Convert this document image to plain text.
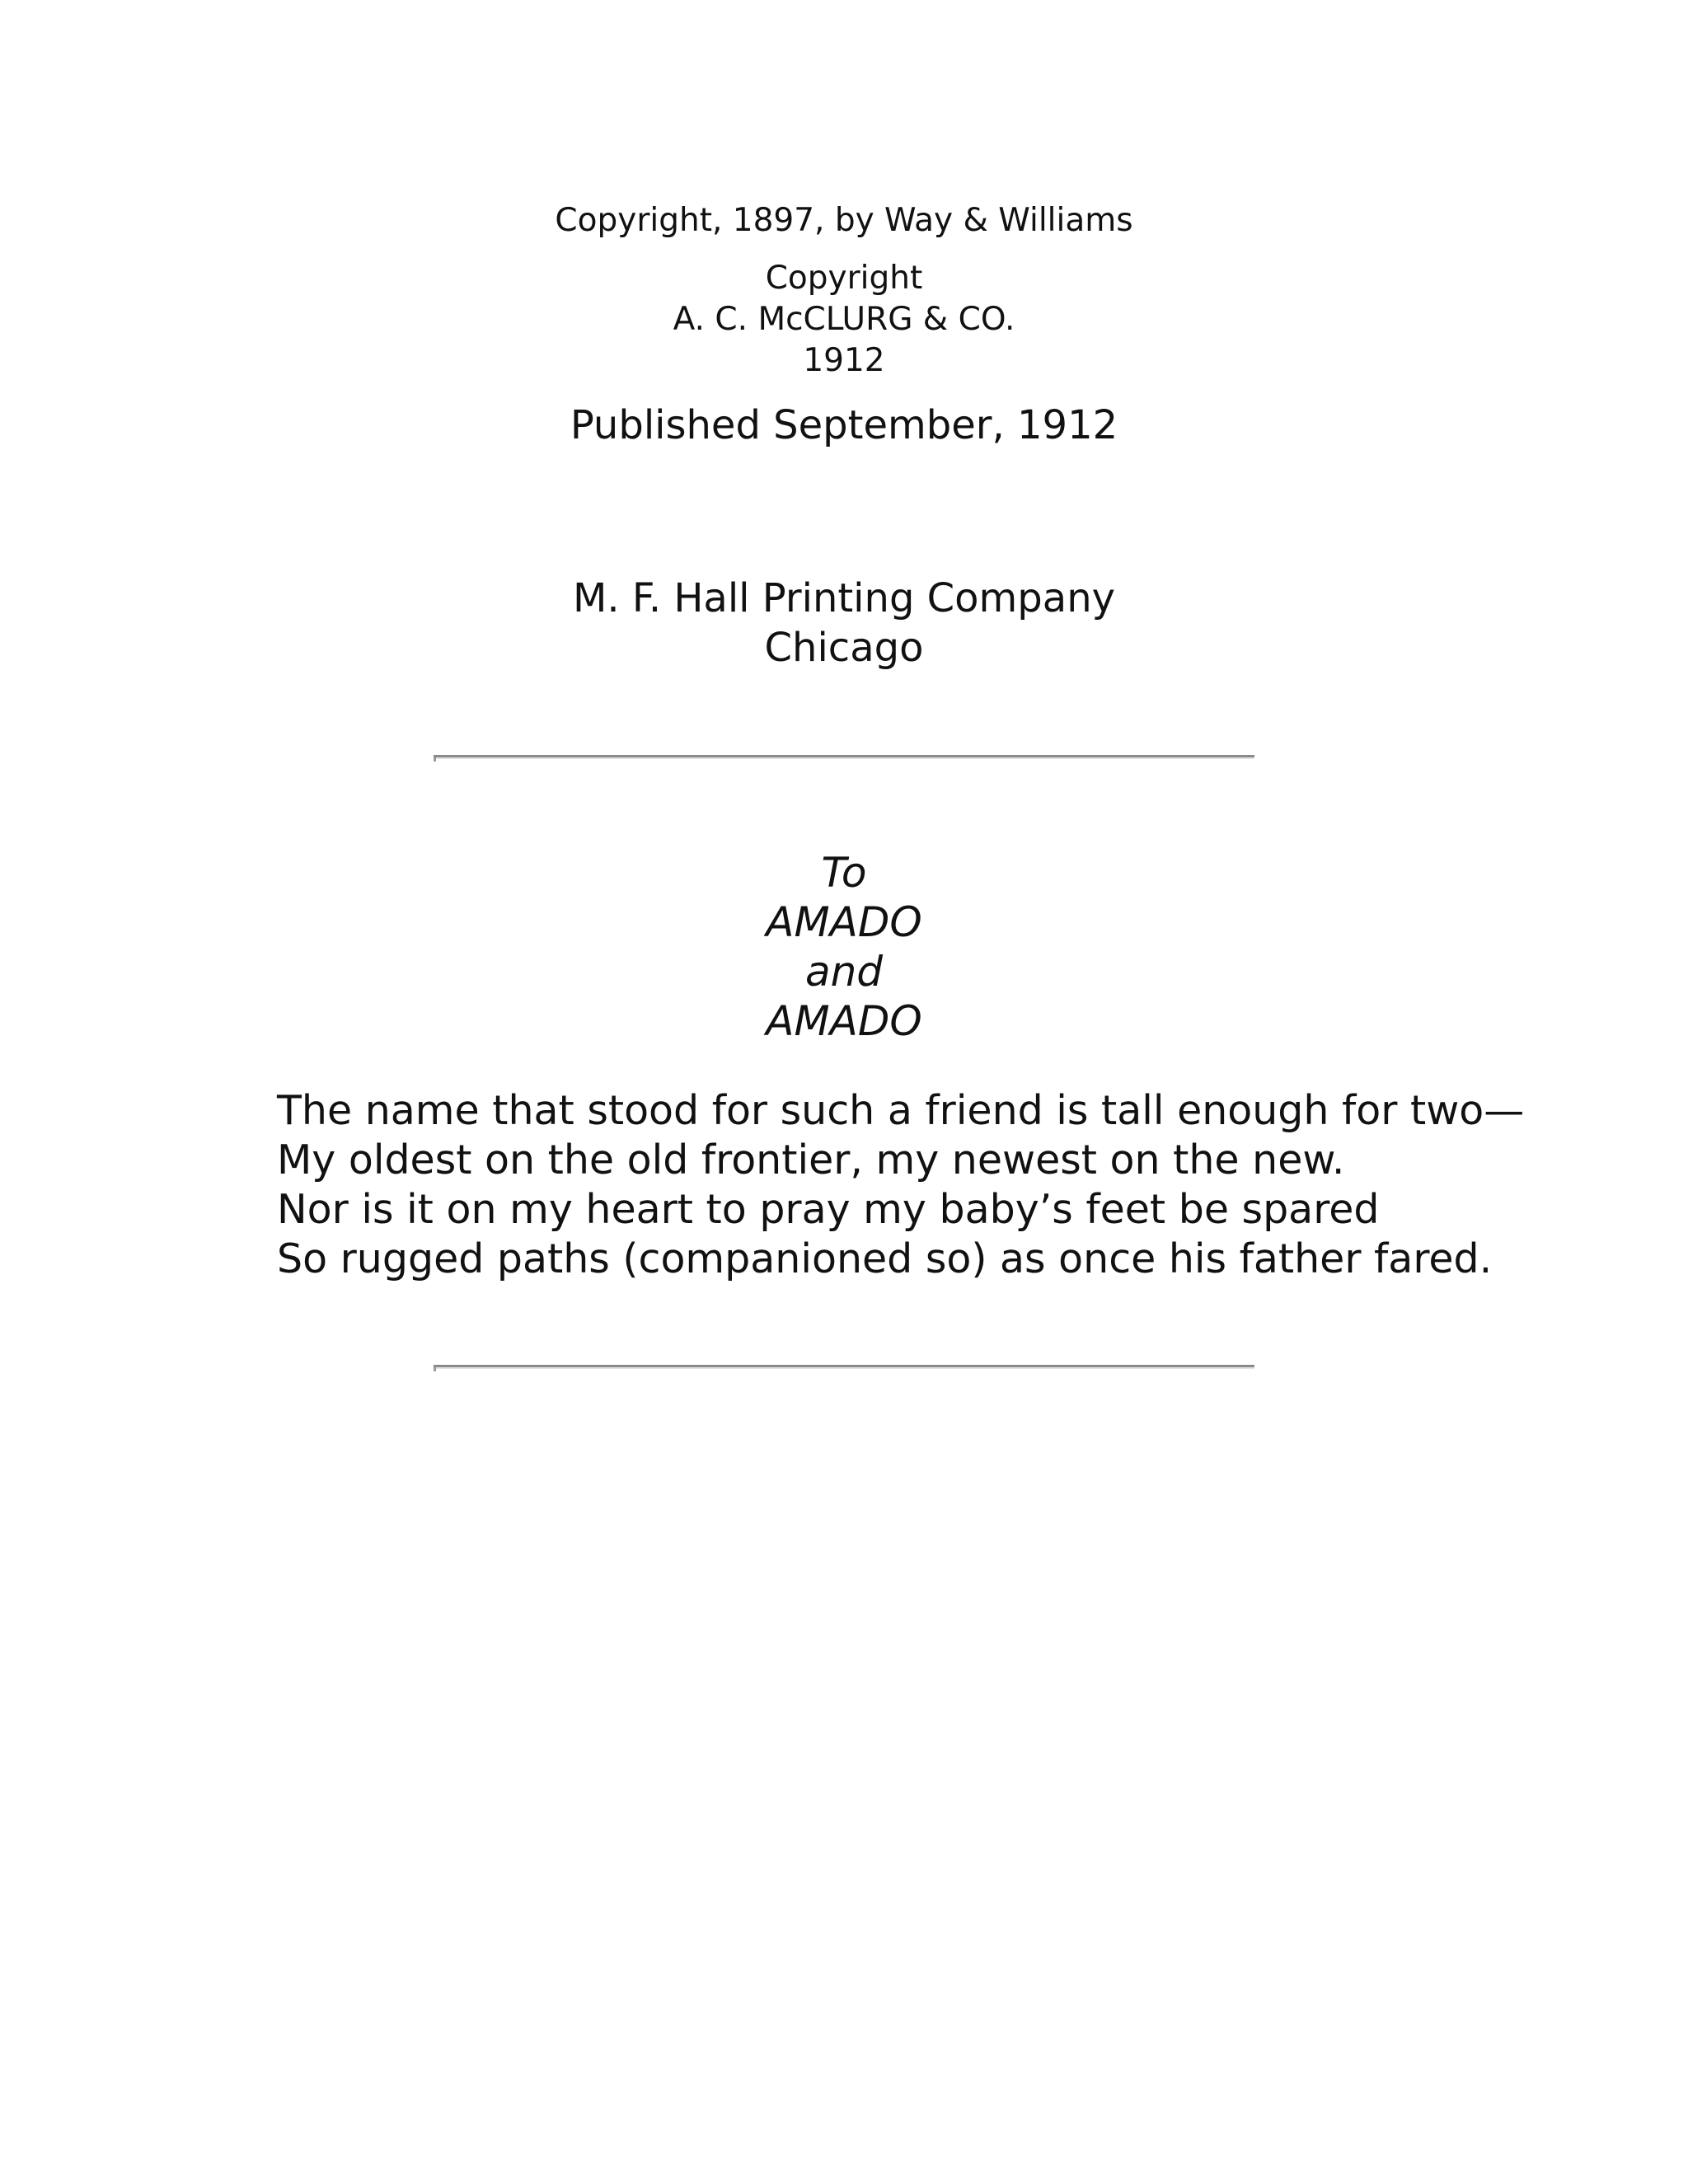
Copyright, 1897, by Way & Williams
Copyright
A. C. McCLURG & CO.
1912
Published September, 1912
M. F. Hall Printing Company
Chicago
To
AMADO
and
AMADO
The name that stood for such a friend is tall enough for two—
My oldest on the old frontier, my newest on the new.
Nor is it on my heart to pray my baby’s feet be spared
So rugged paths (companioned so) as once his father fared.
